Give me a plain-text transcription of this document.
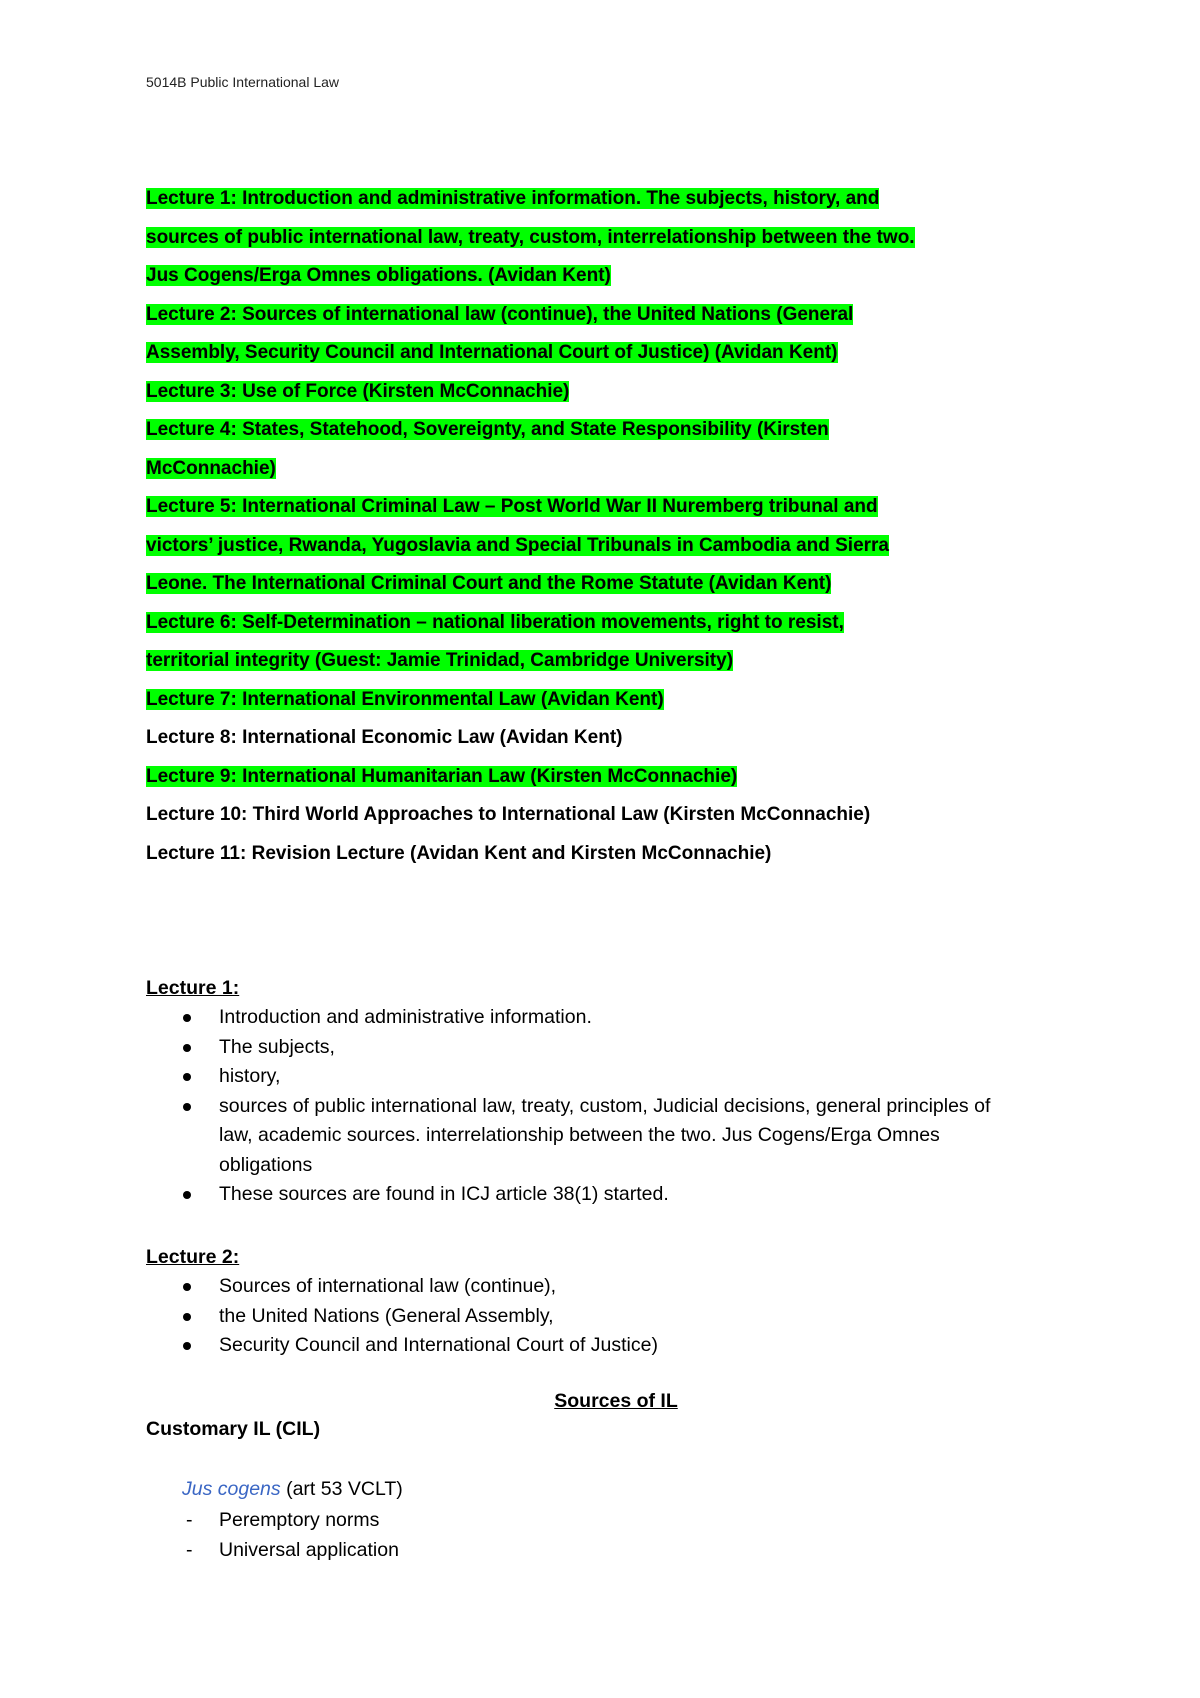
5014B Public International Law
Lecture 1: Introduction and administrative information. The subjects, history, and
sources of public international law, treaty, custom, interrelationship between the two.
Jus Cogens/Erga Omnes obligations. (Avidan Kent)
Lecture 2: Sources of international law (continue), the United Nations (General
Assembly, Security Council and International Court of Justice) (Avidan Kent)
Lecture 3: Use of Force (Kirsten McConnachie)
Lecture 4: States, Statehood, Sovereignty, and State Responsibility (Kirsten
McConnachie)
Lecture 5: International Criminal Law – Post World War II Nuremberg tribunal and
victors’ justice, Rwanda, Yugoslavia and Special Tribunals in Cambodia and Sierra
Leone. The International Criminal Court and the Rome Statute (Avidan Kent)
Lecture 6: Self-Determination – national liberation movements, right to resist,
territorial integrity (Guest: Jamie Trinidad, Cambridge University)
Lecture 7: International Environmental Law (Avidan Kent)
Lecture 8: International Economic Law (Avidan Kent)
Lecture 9: International Humanitarian Law (Kirsten McConnachie)
Lecture 10: Third World Approaches to International Law (Kirsten McConnachie)
Lecture 11: Revision Lecture (Avidan Kent and Kirsten McConnachie)
Lecture 1:
Introduction and administrative information.
The subjects,
history,
sources of public international law, treaty, custom, Judicial decisions, general principles of law, academic sources. interrelationship between the two. Jus Cogens/Erga Omnes obligations
These sources are found in ICJ article 38(1) started.
Lecture 2:
Sources of international law (continue),
the United Nations (General Assembly,
Security Council and International Court of Justice)
Sources of IL
Customary IL (CIL)
Jus cogens (art 53 VCLT)
- Peremptory norms
- Universal application
